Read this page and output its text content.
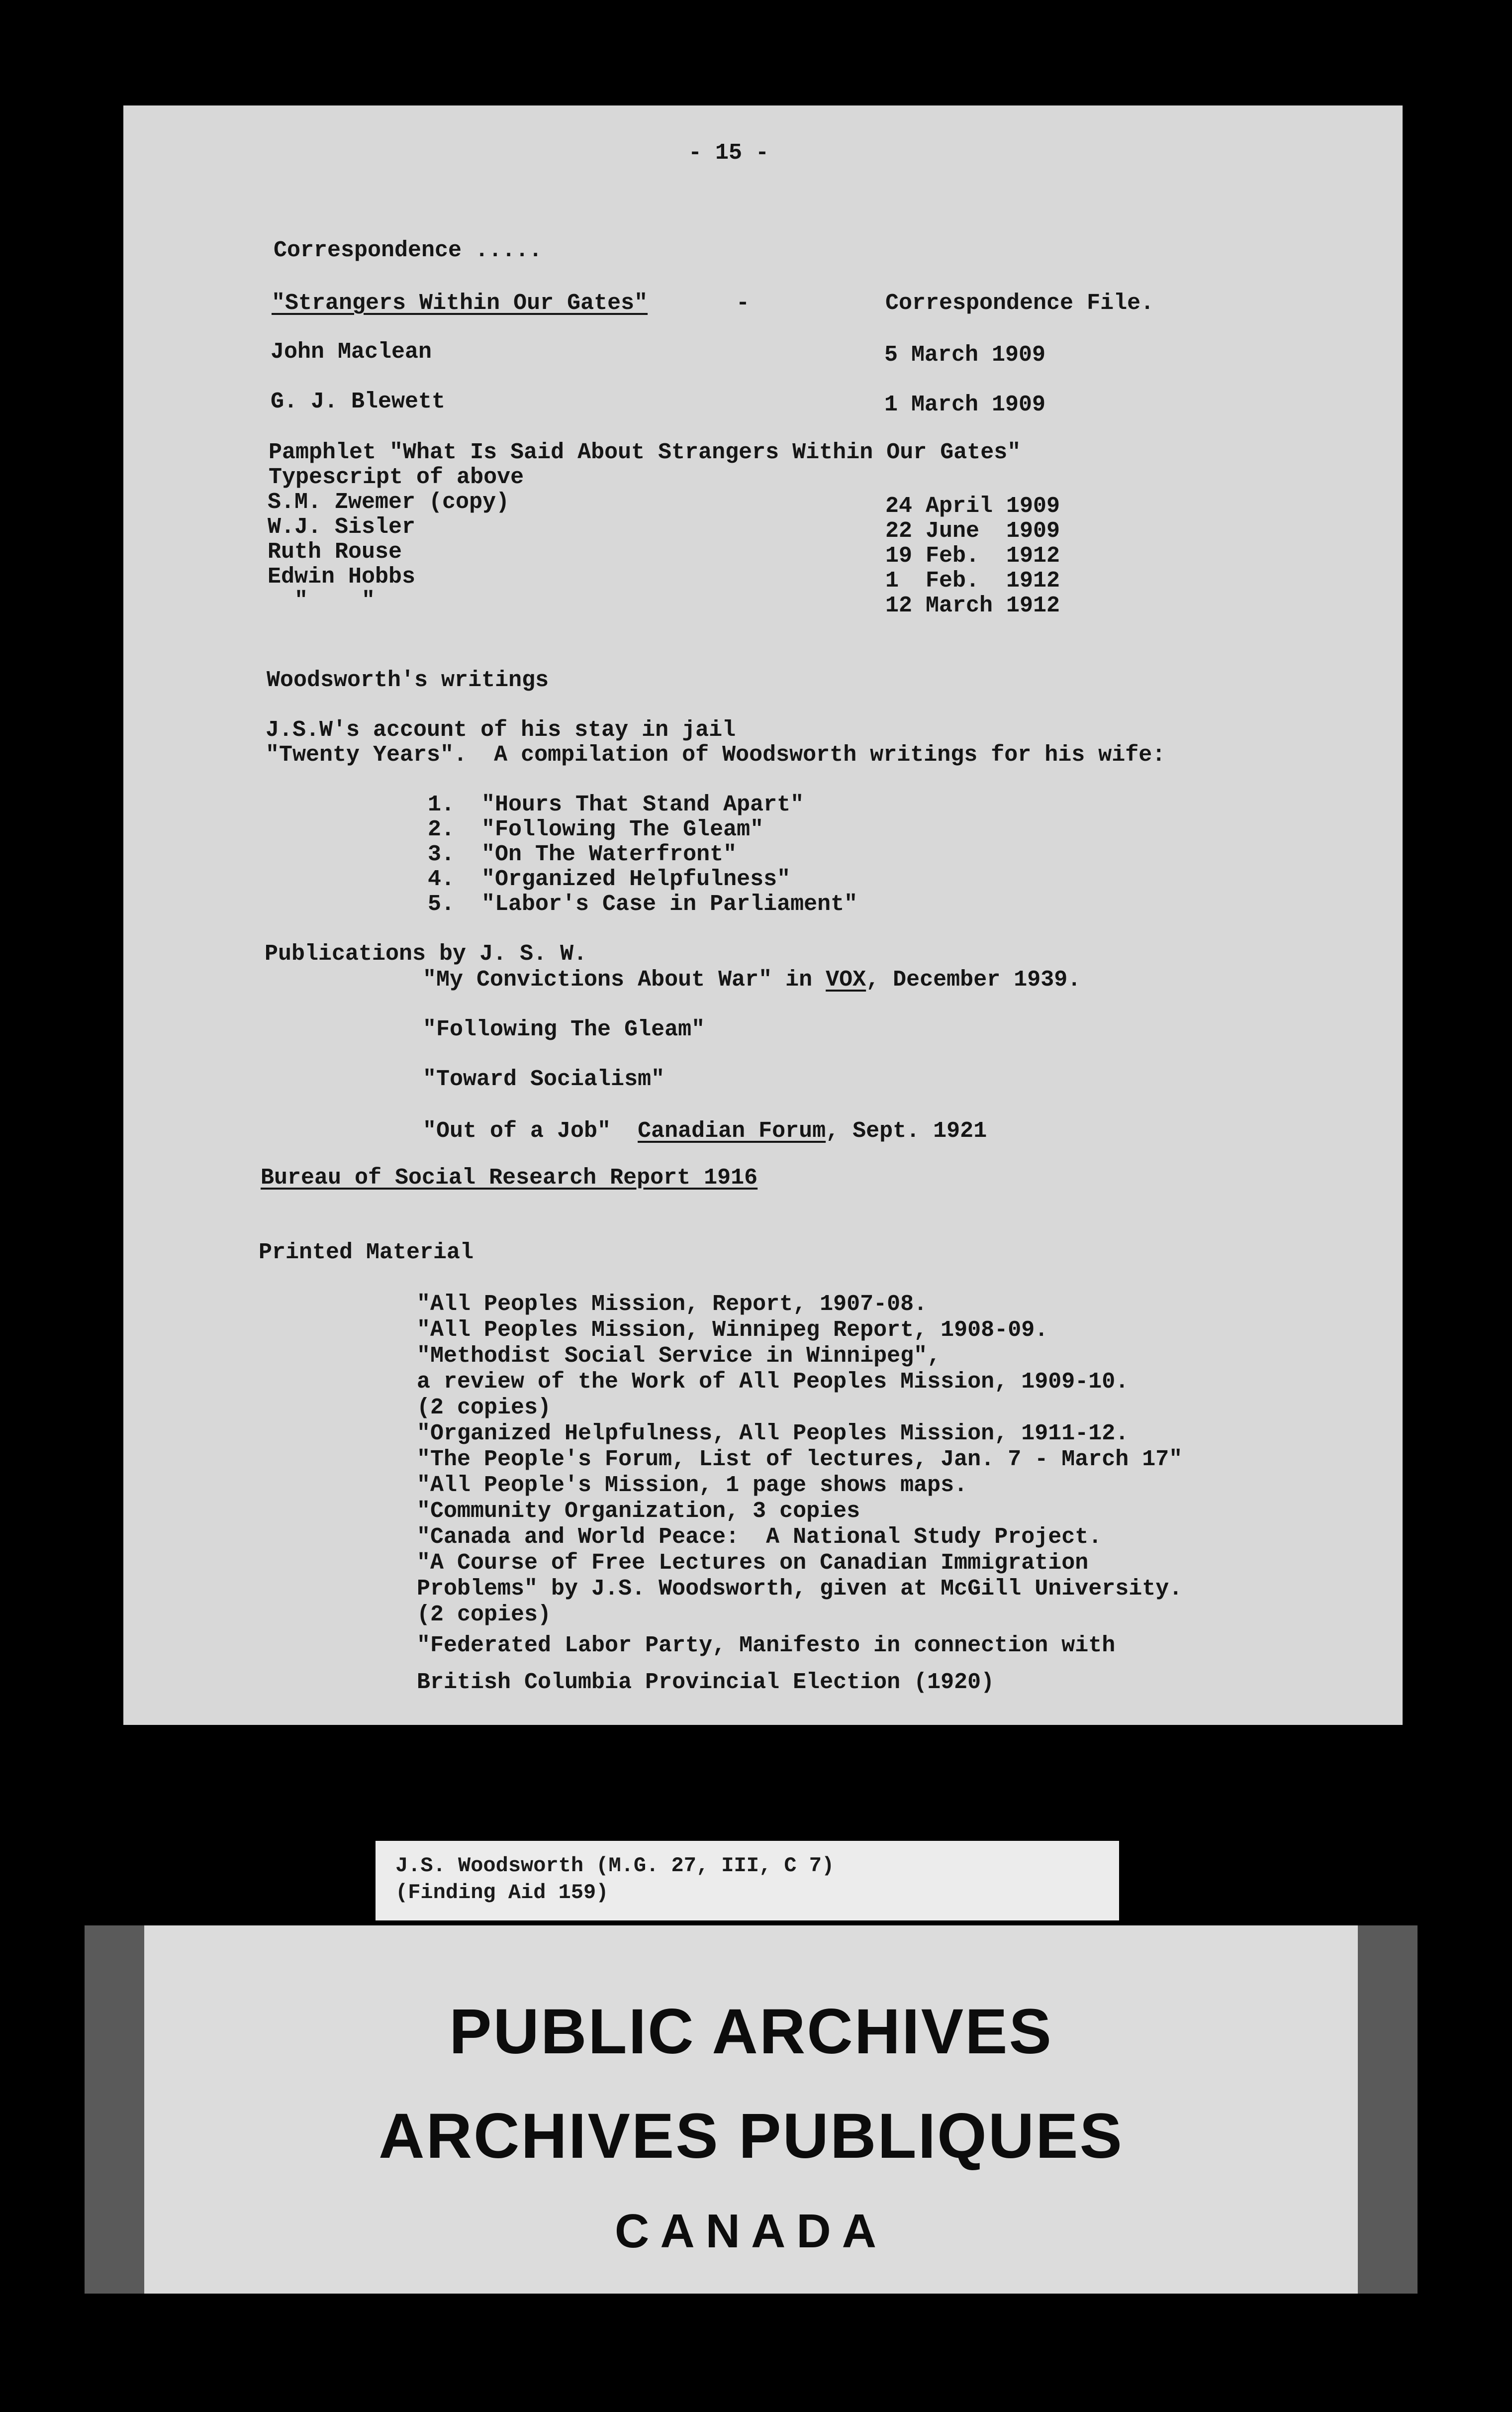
- 15 -
Correspondence .....
"Strangers Within Our Gates"	-	Correspondence File.
John Maclean	5 March 1909
G. J. Blewett	1 March 1909
Pamphlet "What Is Said About Strangers Within Our Gates"
Typescript of above
S.M. Zwemer (copy)	24 April 1909
W.J. Sisler	22 June  1909
Ruth Rouse	19 Feb.  1912
Edwin Hobbs	1  Feb.  1912
"    "	12 March 1912
Woodsworth's writings
J.S.W's account of his stay in jail
"Twenty Years".  A compilation of Woodsworth writings for his wife:
1.  "Hours That Stand Apart"
2.  "Following The Gleam"
3.  "On The Waterfront"
4.  "Organized Helpfulness"
5.  "Labor's Case in Parliament"
Publications by J. S. W.
"My Convictions About War" in VOX, December 1939.
"Following The Gleam"
"Toward Socialism"
"Out of a Job"  Canadian Forum, Sept. 1921
Bureau of Social Research Report 1916
Printed Material
"All Peoples Mission, Report, 1907-08.
"All Peoples Mission, Winnipeg Report, 1908-09.
"Methodist Social Service in Winnipeg",
a review of the Work of All Peoples Mission, 1909-10.
(2 copies)
"Organized Helpfulness, All Peoples Mission, 1911-12.
"The People's Forum, List of lectures, Jan. 7 - March 17"
"All People's Mission, 1 page shows maps.
"Community Organization, 3 copies
"Canada and World Peace:  A National Study Project.
"A Course of Free Lectures on Canadian Immigration
Problems" by J.S. Woodsworth, given at McGill University.
(2 copies)
"Federated Labor Party, Manifesto in connection with
British Columbia Provincial Election (1920)
J.S. Woodsworth (M.G. 27, III, C 7)
(Finding Aid 159)
PUBLIC ARCHIVES
ARCHIVES PUBLIQUES
CANADA
